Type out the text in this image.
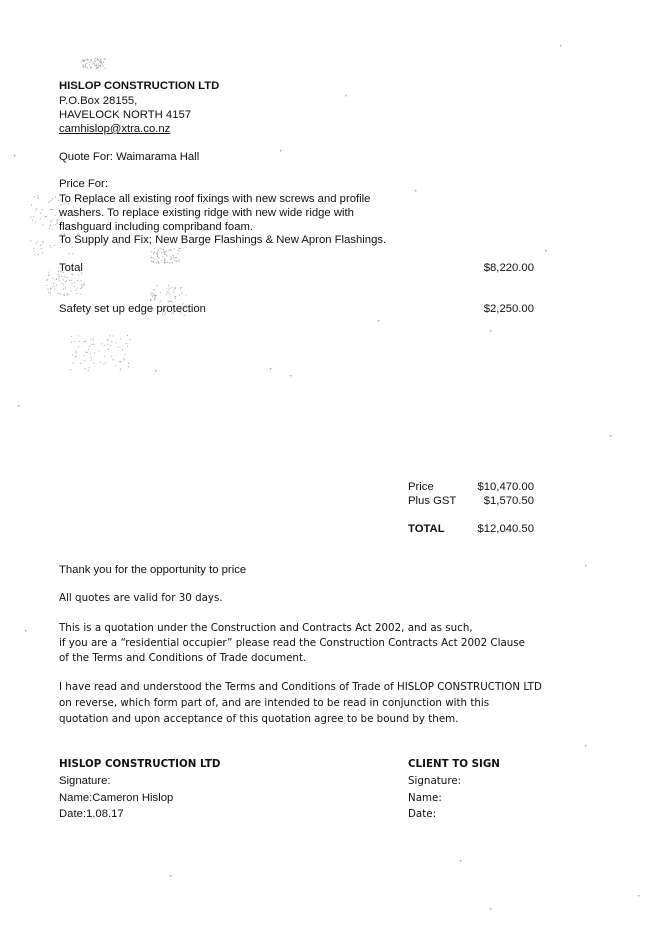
HISLOP CONSTRUCTION LTD
P.O.Box 28155,
HAVELOCK NORTH 4157
camhislop@xtra.co.nz
Quote For: Waimarama Hall
Price For:
To Replace all existing roof fixings with new screws and profile
washers. To replace existing ridge with new wide ridge with
flashguard including compriband foam.
To Supply and Fix; New Barge Flashings & New Apron Flashings.
Total	$8,220.00
Safety set up edge protection	$2,250.00
Price	$10,470.00
Plus GST $1,570.50
TOTAL	$12,040.50
Thank you for the opportunity to price
All quotes are valid for 30 days.
This is a quotation under the Construction and Contracts Act 2002, and as such,
if you are a “residential occupier” please read the Construction Contracts Act 2002 Clause
of the Terms and Conditions of Trade document.
I have read and understood the Terms and Conditions of Trade of HISLOP CONSTRUCTION LTD
on reverse, which form part of, and are intended to be read in conjunction with this
quotation and upon acceptance of this quotation agree to be bound by them.
HISLOP CONSTRUCTION LTD
Signature:
Name:Cameron Hislop
Date:1.08.17
CLIENT TO SIGN
Signature:
Name:
Date:
